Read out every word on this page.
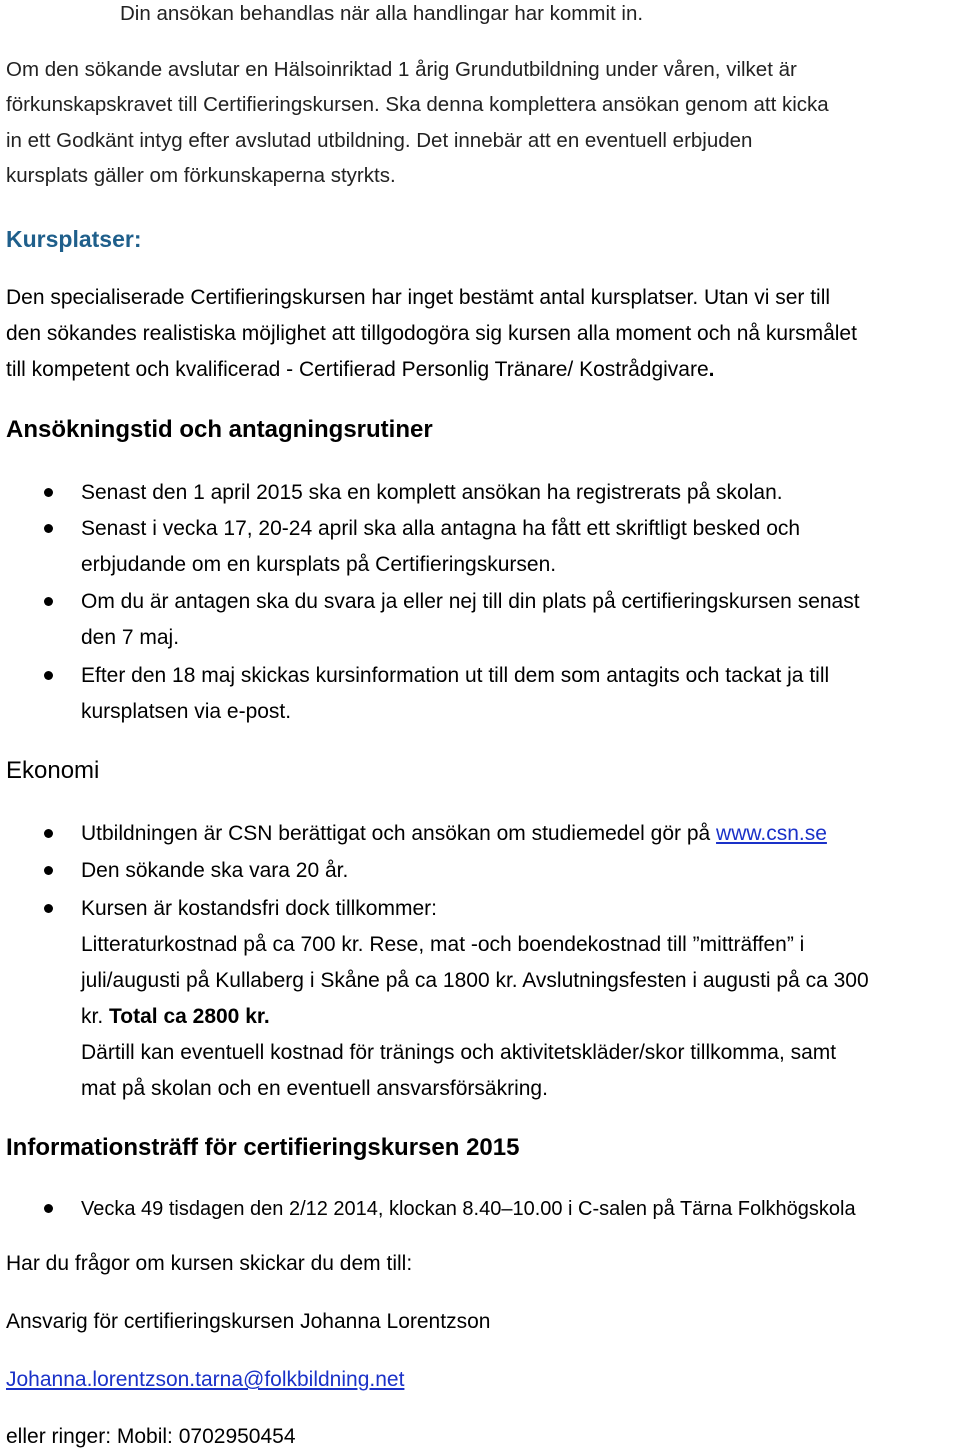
Din ansökan behandlas när alla handlingar har kommit in.
Om den sökande avslutar en Hälsoinriktad 1 årig Grundutbildning under våren, vilket är
förkunskapskravet till Certifieringskursen. Ska denna komplettera ansökan genom att kicka
in ett Godkänt intyg efter avslutad utbildning. Det innebär att en eventuell erbjuden
kursplats gäller om förkunskaperna styrkts.
Kursplatser:
Den specialiserade Certifieringskursen har inget bestämt antal kursplatser. Utan vi ser till
den sökandes realistiska möjlighet att tillgodogöra sig kursen alla moment och nå kursmålet
till kompetent och kvalificerad - Certifierad Personlig Tränare/ Kostrådgivare.
Ansökningstid och antagningsrutiner
Senast den 1 april 2015 ska en komplett ansökan ha registrerats på skolan.
Senast i vecka 17, 20-24 april ska alla antagna ha fått ett skriftligt besked och
erbjudande om en kursplats på Certifieringskursen.
Om du är antagen ska du svara ja eller nej till din plats på certifieringskursen senast
den 7 maj.
Efter den 18 maj skickas kursinformation ut till dem som antagits och tackat ja till
kursplatsen via e-post.
Ekonomi
Utbildningen är CSN berättigat och ansökan om studiemedel gör på www.csn.se
Den sökande ska vara 20 år.
Kursen är kostandsfri dock tillkommer:
Litteraturkostnad på ca 700 kr. Rese, mat -och boendekostnad till ”mitträffen” i
juli/augusti på Kullaberg i Skåne på ca 1800 kr. Avslutningsfesten i augusti på ca 300
kr. Total ca 2800 kr.
Därtill kan eventuell kostnad för tränings och aktivitetskläder/skor tillkomma, samt
mat på skolan och en eventuell ansvarsförsäkring.
Informationsträff för certifieringskursen 2015
Vecka 49 tisdagen den 2/12 2014, klockan 8.40–10.00 i C-salen på Tärna Folkhögskola
Har du frågor om kursen skickar du dem till:
Ansvarig för certifieringskursen Johanna Lorentzson
Johanna.lorentzson.tarna@folkbildning.net
eller ringer: Mobil: 0702950454
